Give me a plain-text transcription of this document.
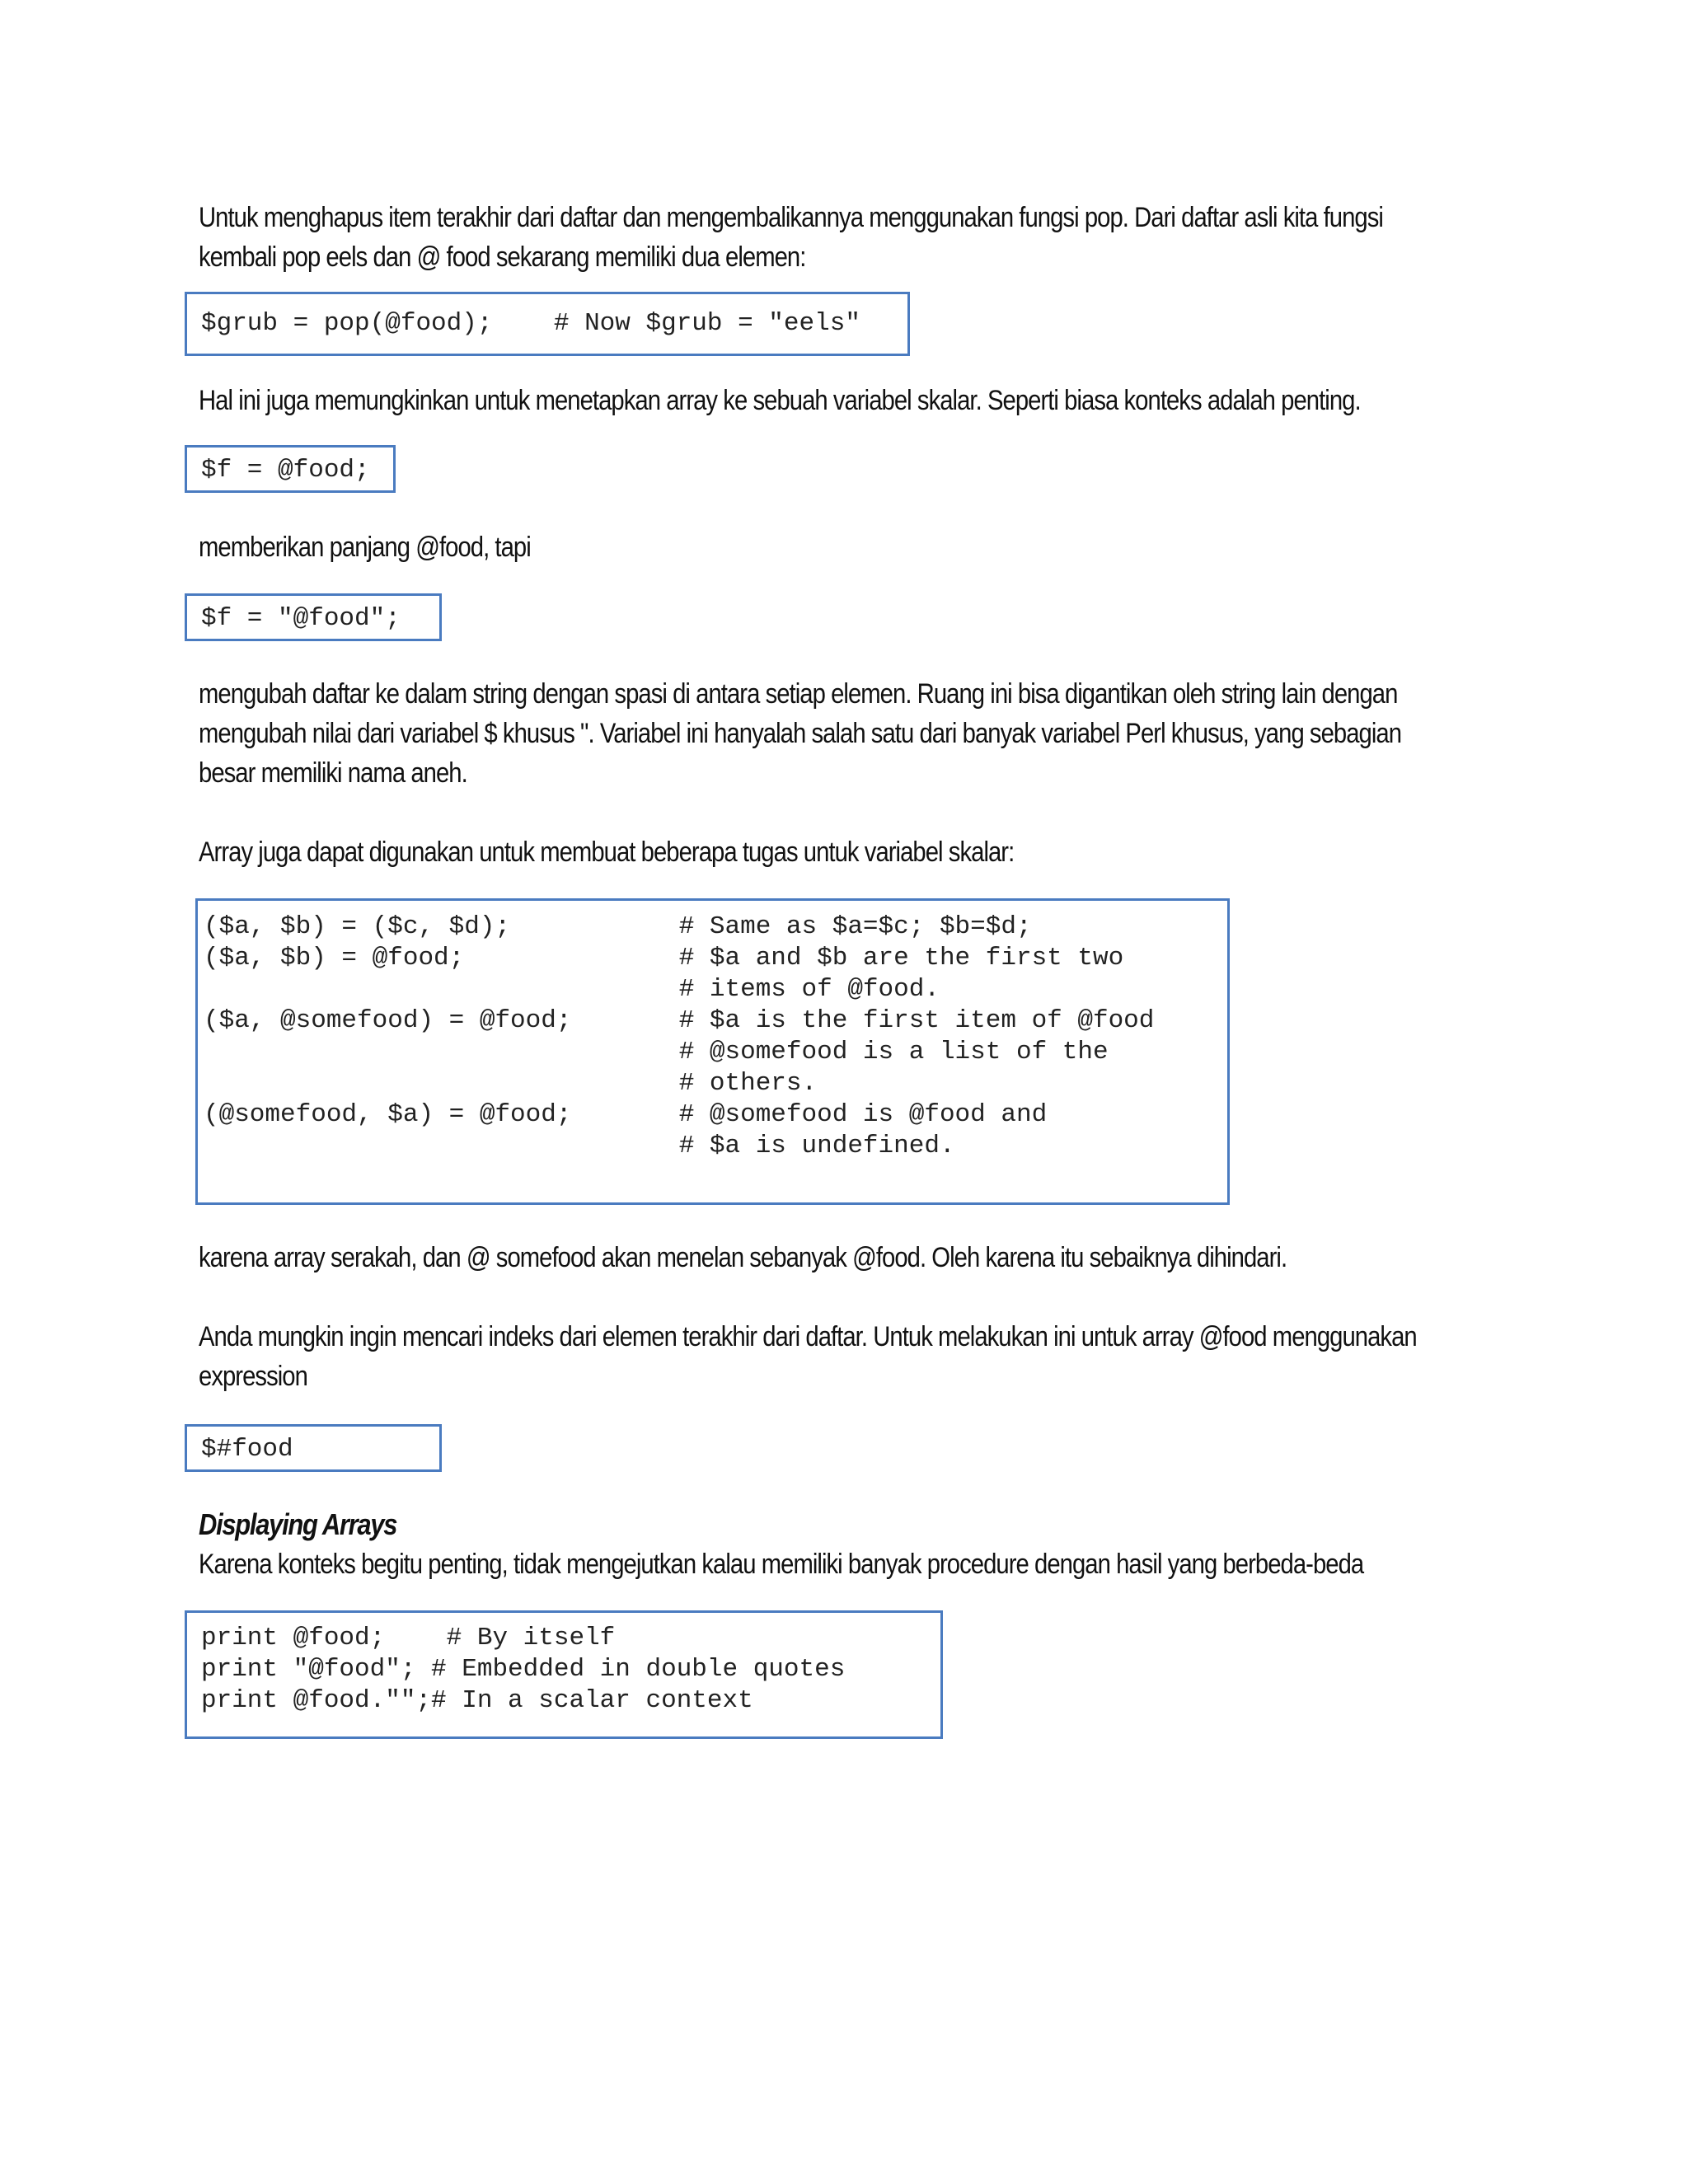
Untuk menghapus item terakhir dari daftar dan mengembalikannya menggunakan fungsi pop. Dari daftar asli kita fungsi
kembali pop eels dan @ food sekarang memiliki dua elemen:
$grub = pop(@food);    # Now $grub = "eels"
Hal ini juga memungkinkan untuk menetapkan array ke sebuah variabel skalar. Seperti biasa konteks adalah penting.
$f = @food;
memberikan panjang @food, tapi
$f = "@food";
mengubah daftar ke dalam string dengan spasi di antara setiap elemen. Ruang ini bisa digantikan oleh string lain dengan
mengubah nilai dari variabel $ khusus ". Variabel ini hanyalah salah satu dari banyak variabel Perl khusus, yang sebagian
besar memiliki nama aneh.
Array juga dapat digunakan untuk membuat beberapa tugas untuk variabel skalar:
($a, $b) = ($c, $d);           # Same as $a=$c; $b=$d;
($a, $b) = @food;              # $a and $b are the first two
# items of @food.
($a, @somefood) = @food;       # $a is the first item of @food
# @somefood is a list of the
# others.
(@somefood, $a) = @food;       # @somefood is @food and
# $a is undefined.
karena array serakah, dan @ somefood akan menelan sebanyak @food. Oleh karena itu sebaiknya dihindari.
Anda mungkin ingin mencari indeks dari elemen terakhir dari daftar. Untuk melakukan ini untuk array @food menggunakan
expression
$#food
Displaying Arrays
Karena konteks begitu penting, tidak mengejutkan kalau memiliki banyak procedure dengan hasil yang berbeda-beda
print @food;    # By itself
print "@food"; # Embedded in double quotes
print @food."";# In a scalar context
